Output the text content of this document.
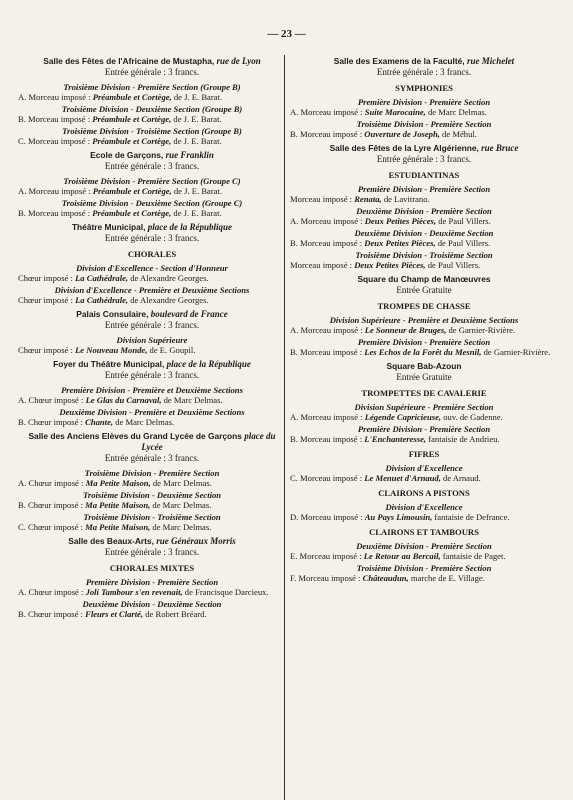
— 23 —
Salle des Fêtes de l'Africaine de Mustapha, rue de Lyon
Entrée générale : 3 francs.
Troisième Division - Première Section (Groupe B)
A. Morceau imposé : Préambule et Cortège, de J. E. Barat.
Troisième Division - Deuxième Section (Groupe B)
B. Morceau imposé : Préambule et Cortège, de J. E. Barat.
Troisième Division - Troisième Section (Groupe B)
C. Morceau imposé : Préambule et Cortège, de J. E. Barat.
Ecole de Garçons, rue Franklin
Entrée générale : 3 francs.
Troisième Division - Première Section (Groupe C)
A. Morceau imposé : Préambule et Cortège, de J. E. Barat.
Troisième Division - Deuxième Section (Groupe C)
B. Morceau imposé : Préambule et Cortège, de J. E. Barat.
Théâtre Municipal, place de la République
Entrée générale : 3 francs.
CHORALES
Division d'Excellence - Section d'Honneur
Chœur imposé : La Cathédrale, de Alexandre Georges.
Division d'Excellence - Première et Deuxième Sections
Chœur imposé : La Cathédrale, de Alexandre Georges.
Palais Consulaire, boulevard de France
Entrée générale : 3 francs.
Division Supérieure
Chœur imposé : Le Nouveau Monde, de E. Goupil.
Foyer du Théâtre Municipal, place de la République
Entrée générale : 3 francs.
Première Division - Première et Deuxième Sections
A. Chœur imposé : Le Glas du Carnaval, de Marc Delmas.
Deuxième Division - Première et Deuxième Sections
B. Chœur imposé : Chante, de Marc Delmas.
Salle des Anciens Elèves du Grand Lycée de Garçons place du Lycée
Entrée générale : 3 francs.
Troisième Division - Première Section
A. Chœur imposé : Ma Petite Maison, de Marc Delmas.
Troisième Division - Deuxième Section
B. Chœur imposé : Ma Petite Maison, de Marc Delmas.
Troisième Division - Troisième Section
C. Chœur imposé : Ma Petite Maison, de Marc Delmas.
Salle des Beaux-Arts, rue Généraux Morris
Entrée générale : 3 francs.
CHORALES MIXTES
Première Division - Première Section
A. Chœur imposé : Joli Tambour s'en revenait, de Francisque Darcieux.
Deuxième Division - Deuxième Section
B. Chœur imposé : Fleurs et Clarté, de Robert Bréard.
Salle des Examens de la Faculté, rue Michelet
Entrée générale : 3 francs.
SYMPHONIES
Première Division - Première Section
A. Morceau imposé : Suite Marocaine, de Marc Delmas.
Troisième Division - Première Section
B. Morceau imposé : Ouverture de Joseph, de Méhul.
Salle des Fêtes de la Lyre Algérienne, rue Bruce
Entrée générale : 3 francs.
ESTUDIANTINAS
Première Division - Première Section
Morceau imposé : Renata, de Lavitrano.
Deuxième Division - Première Section
A. Morceau imposé : Deux Petites Pièces, de Paul Villers.
Deuxième Division - Deuxième Section
B. Morceau imposé : Deux Petites Pièces, de Paul Villers.
Troisième Division - Troisième Section
Morceau imposé : Deux Petites Pièces, de Paul Villers.
Square du Champ de Manœuvres
Entrée Gratuite
TROMPES DE CHASSE
Division Supérieure - Première et Deuxième Sections
A. Morceau imposé : Le Sonneur de Bruges, de Garnier-Rivière.
Première Division - Première Section
B. Morceau imposé : Les Echos de la Forêt du Mesnil, de Garnier-Rivière.
Square Bab-Azoun
Entrée Gratuite
TROMPETTES DE CAVALERIE
Division Supérieure - Première Section
A. Morceau imposé : Légende Capricieuse, ouv. de Gadenne.
Première Division - Première Section
B. Morceau imposé : L'Enchanteresse, fantaisie de Andrieu.
FIFRES
Division d'Excellence
C. Morceau imposé : Le Menuet d'Arnaud, de Arnaud.
CLAIRONS A PISTONS
Division d'Excellence
D. Morceau imposé : Au Pays Limousin, fantaisie de Defrance.
CLAIRONS ET TAMBOURS
Deuxième Division - Première Section
E. Morceau imposé : Le Retour au Bercail, fantaisie de Paget.
Troisième Division - Première Section
F. Morceau imposé : Châteaudun, marche de E. Village.
